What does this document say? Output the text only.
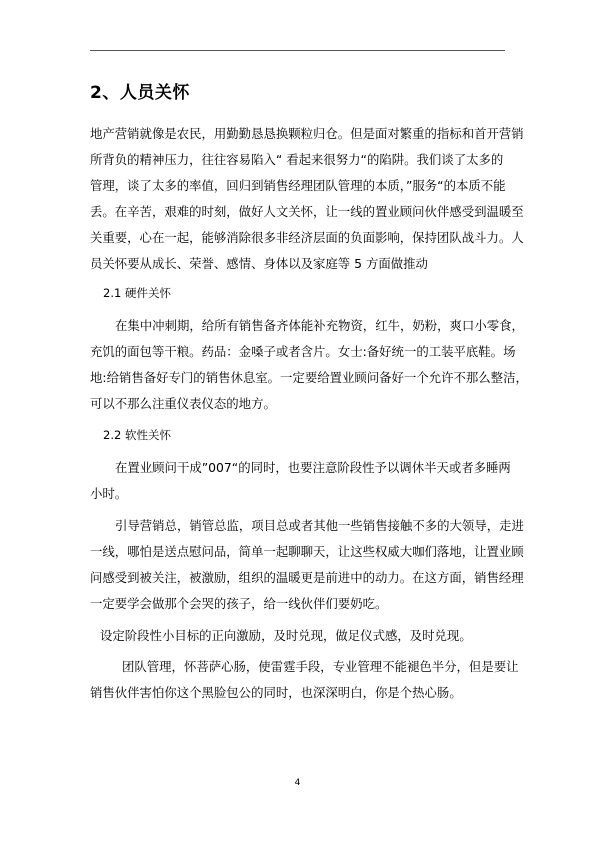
2、人员关怀
地产营销就像是农民，用勤勤恳恳换颗粒归仓。但是面对繁重的指标和首开营销
所背负的精神压力，往往容易陷入“ 看起来很努力“的陷阱。我们谈了太多的
管理，谈了太多的率值，回归到销售经理团队管理的本质，”服务“的本质不能
丢。在辛苦，艰难的时刻，做好人文关怀，让一线的置业顾问伙伴感受到温暖至
关重要，心在一起，能够消除很多非经济层面的负面影响，保持团队战斗力。人
员关怀要从成长、荣誉、感情、身体以及家庭等 5 方面做推动
2.1 硬件关怀
在集中冲刺期，给所有销售备齐体能补充物资，红牛，奶粉，爽口小零食，
充饥的面包等干粮。药品：金嗓子或者含片。女士:备好统一的工装平底鞋。场
地:给销售备好专门的销售休息室。一定要给置业顾问备好一个允许不那么整洁，
可以不那么注重仪表仪态的地方。
2.2 软性关怀
在置业顾问干成”007“的同时，也要注意阶段性予以调休半天或者多睡两
小时。
引导营销总，销管总监，项目总或者其他一些销售接触不多的大领导，走进
一线，哪怕是送点慰问品，简单一起聊聊天，让这些权威大咖们落地，让置业顾
问感受到被关注，被激励，组织的温暖更是前进中的动力。在这方面，销售经理
一定要学会做那个会哭的孩子，给一线伙伴们要奶吃。
设定阶段性小目标的正向激励，及时兑现，做足仪式感，及时兑现。
团队管理，怀菩萨心肠，使雷霆手段，专业管理不能褪色半分，但是要让
销售伙伴害怕你这个黑脸包公的同时，也深深明白，你是个热心肠。
4
